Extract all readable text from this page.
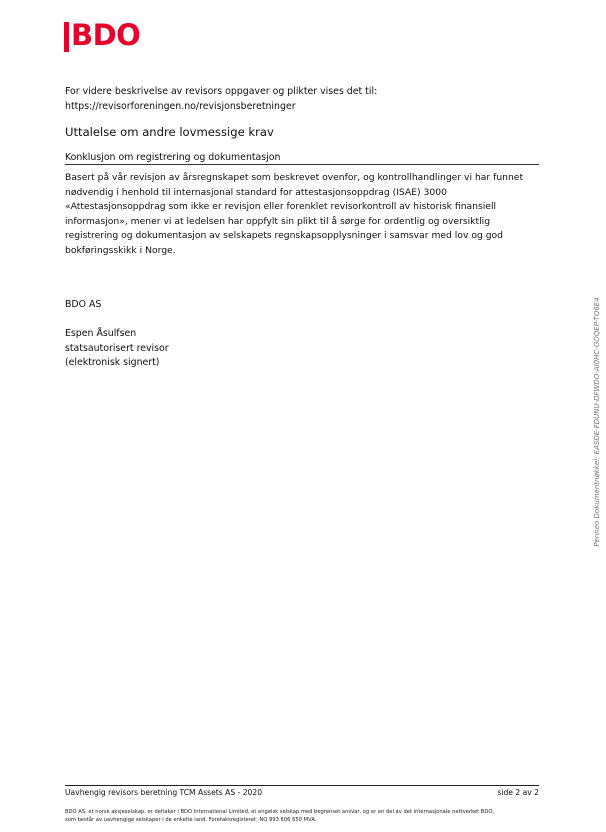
BDO
For videre beskrivelse av revisors oppgaver og plikter vises det til:
https://revisorforeningen.no/revisjonsberetninger
Uttalelse om andre lovmessige krav
Konklusjon om registrering og dokumentasjon
Basert på vår revisjon av årsregnskapet som beskrevet ovenfor, og kontrollhandlinger vi har funnet
nødvendig i henhold til internasjonal standard for attestasjonsoppdrag (ISAE) 3000
«Attestasjonsoppdrag som ikke er revisjon eller forenklet revisorkontroll av historisk finansiell
informasjon», mener vi at ledelsen har oppfylt sin plikt til å sørge for ordentlig og oversiktlig
registrering og dokumentasjon av selskapets regnskapsopplysninger i samsvar med lov og god
bokføringsskikk i Norge.
BDO AS
Espen Åsulfsen
statsautorisert revisor
(elektronisk signert)	Penneo Dokumentnøkkel: EASDE-FDUNU-DFWDO-AI0HC-GOQEP-TO6E4
Uavhengig revisors beretning TCM Assets AS - 2020	side 2 av 2
BDO AS, et norsk aksjeselskap, er deltaker i BDO International Limited, et engelsk selskap med begrenset ansvar, og er en del av det internasjonale nettverket BDO,
som består av uavhengige selskaper i de enkelte land. Foretaksregisteret: NO 993 606 650 MVA.
